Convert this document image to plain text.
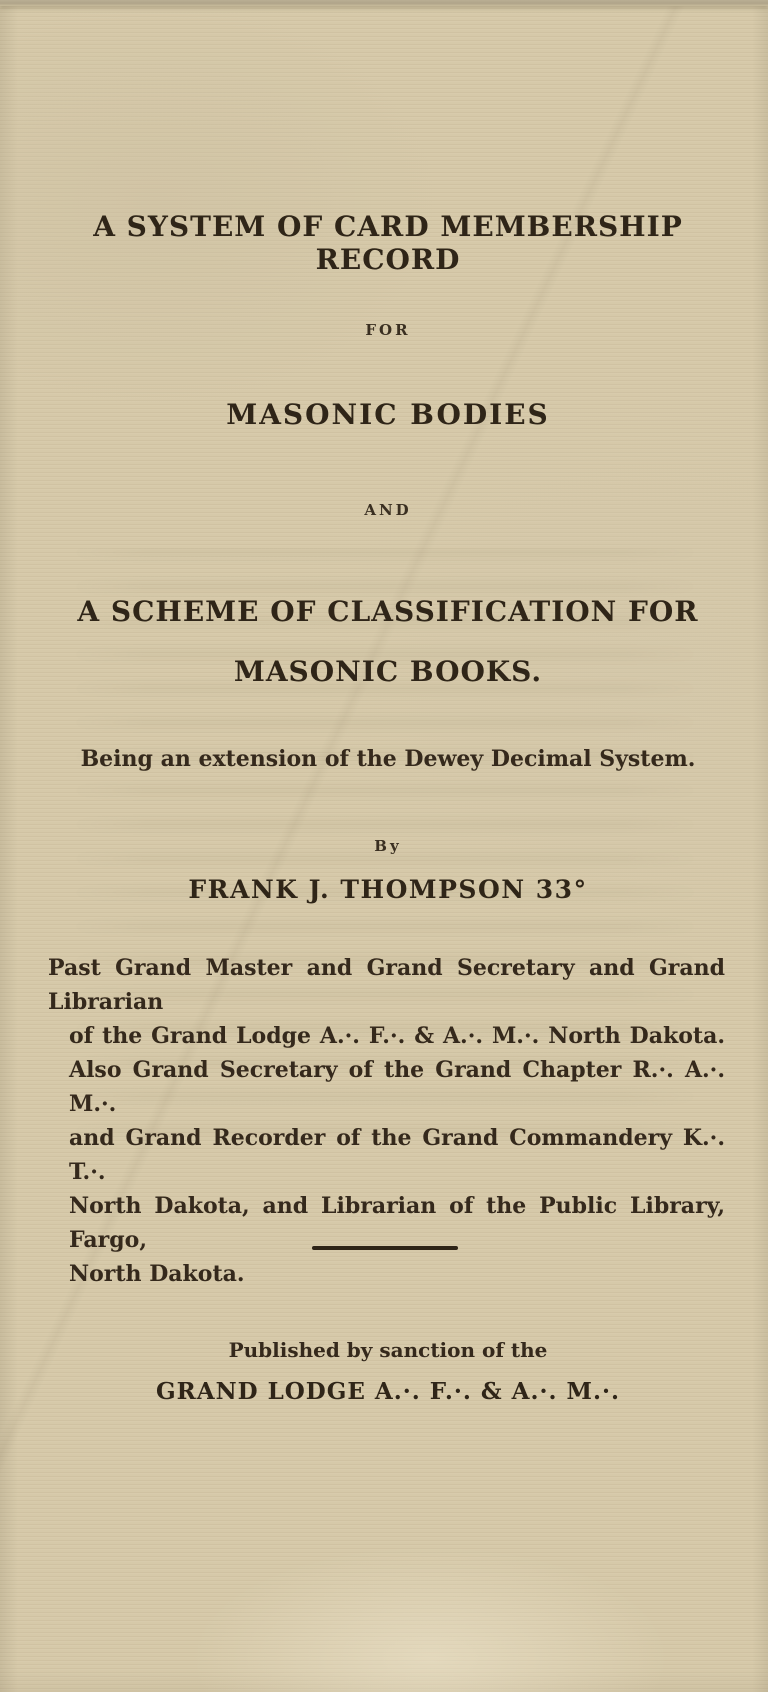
A SYSTEM OF CARD MEMBERSHIP RECORD
FOR
MASONIC BODIES
AND
A SCHEME OF CLASSIFICATION FOR
MASONIC BOOKS.
Being an extension of the Dewey Decimal System.
By
FRANK J. THOMPSON 33°
Past Grand Master and Grand Secretary and Grand Librarian
of the Grand Lodge A.·. F.·. & A.·. M.·. North Dakota.
Also Grand Secretary of the Grand Chapter R.·. A.·. M.·.
and Grand Recorder of the Grand Commandery K.·. T.·.
North Dakota, and Librarian of the Public Library, Fargo,
North Dakota.
Published by sanction of the
GRAND LODGE A.·. F.·. & A.·. M.·.
